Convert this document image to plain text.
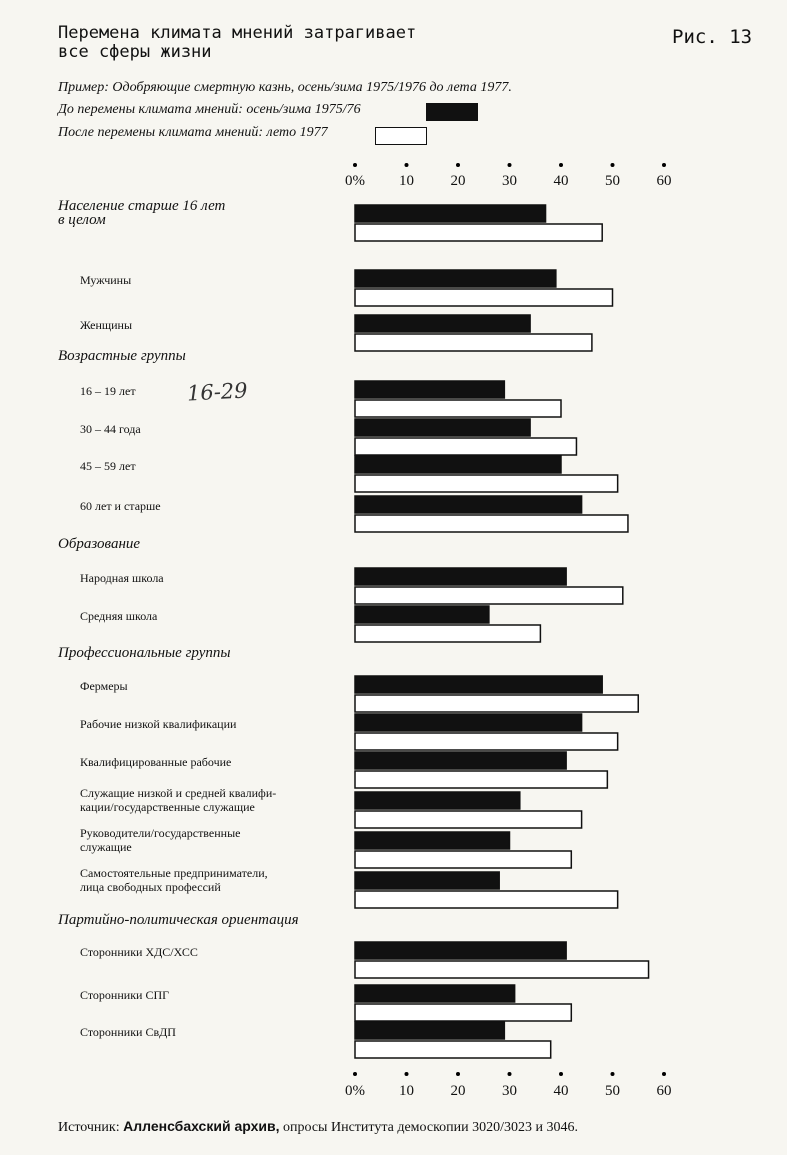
Перемена климата мнений затрагивает
все сферы жизни
Рис. 13
Пример: Одобряющие смертную казнь, осень/зима 1975/1976 до лета 1977.
До перемены климата мнений: осень/зима 1975/76
После перемены климата мнений: лето 1977
0% 10 20 30 40 50 60
0% 10 20 30 40 50 60
Население старше 16 лет
в целом
Мужчины
Женщины
Возрастные группы
16 – 19 лет
30 – 44 года
45 – 59 лет
60 лет и старше
Образование
Народная школа
Средняя школа
Профессиональные группы
Фермеры
Рабочие низкой квалификации
Квалифицированные рабочие
Служащие низкой и средней квалифи-
кации/государственные служащие
Руководители/государственные
служащие
Самостоятельные предприниматели,
лица свободных профессий
Партийно-политическая ориентация
Сторонники ХДС/ХСС
Сторонники СПГ
Сторонники СвДП
16-29
Источник: Алленсбахский архив, опросы Института демоскопии 3020/3023 и 3046.
